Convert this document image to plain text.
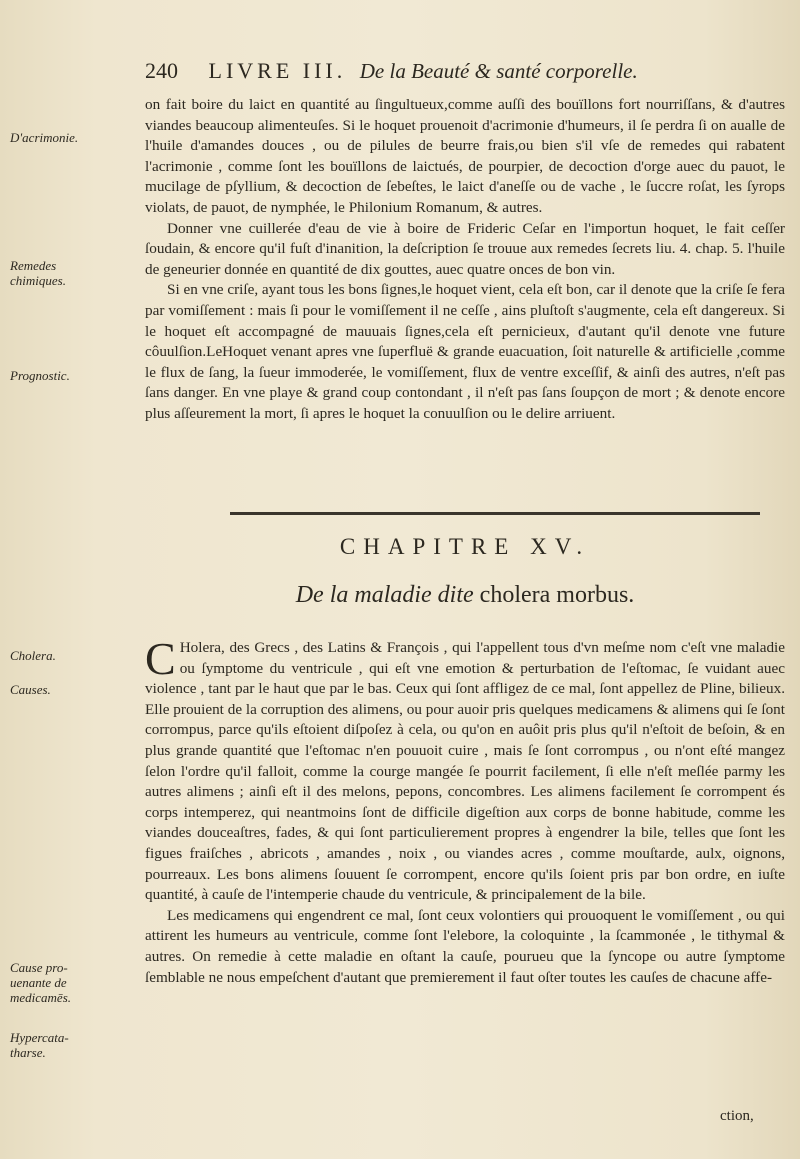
240 LIVRE III. De la Beauté & santé corporelle.
D'acrimonie.
Remedes
chimiques.
Prognostic.
Cholera.
Causes.
Cause pro-
uenante de
medicamēs.
Hypercata-
tharse.

on fait boire du laict en quantité au ſingultueux,comme auſſi des bouïllons fort nourriſſans, & d'autres viandes beaucoup alimenteuſes. Si le hoquet prouenoit d'acrimonie d'humeurs, il ſe perdra ſi on aualle de l'huile d'amandes douces , ou de pilules de beurre frais,ou bien s'il vſe de remedes qui rabatent l'acrimonie , comme ſont les bouïllons de laictués, de pourpier, de decoction d'orge auec du pauot, le mucilage de pſyllium, & decoction de ſebeſtes, le laict d'aneſſe ou de vache , le ſuccre roſat, les ſyrops violats, de pauot, de nymphée, le Philonium Romanum, & autres.

Donner vne cuillerée d'eau de vie à boire de Frideric Ceſar en l'importun hoquet, le fait ceſſer ſoudain, & encore qu'il fuſt d'inanition, la deſcription ſe trouue aux remedes ſecrets liu. 4. chap. 5. l'huile de geneurier donnée en quantité de dix gouttes, auec quatre onces de bon vin.

Si en vne criſe, ayant tous les bons ſignes,le hoquet vient, cela eſt bon, car il denote que la criſe ſe fera par vomiſſement : mais ſi pour le vomiſſement il ne ceſſe , ains pluſtoſt s'augmente, cela eſt dangereux. Si le hoquet eſt accompagné de mauuais ſignes,cela eſt pernicieux, d'autant qu'il denote vne future côuulſion.LeHoquet venant apres vne ſuperfluë & grande euacuation, ſoit naturelle & artificielle ,comme le flux de ſang, la ſueur immoderée, le vomiſſement, flux de ventre exceſſif, & ainſi des autres, n'eſt pas ſans danger. En vne playe & grand coup contondant , il n'eſt pas ſans ſoupçon de mort ; & denote encore plus aſſeurement la mort, ſi apres le hoquet la conuulſion ou le delire arriuent.

CHAPITRE XV.
De la maladie dite cholera morbus.

C Holera, des Grecs , des Latins & François , qui l'appellent tous d'vn meſme nom c'eſt vne maladie ou ſymptome du ventricule , qui eſt vne emotion & perturbation de l'eſtomac, ſe vuidant auec violence , tant par le haut que par le bas. Ceux qui ſont affligez de ce mal, ſont appellez de Pline, bilieux. Elle prouient de la corruption des alimens, ou pour auoir pris quelques medicamens & alimens qui ſe ſont corrompus, parce qu'ils eſtoient diſpoſez à cela, ou qu'on en auôit pris plus qu'il n'eſtoit de beſoin, & en plus grande quantité que l'eſtomac n'en pouuoit cuire , mais ſe ſont corrompus , ou n'ont eſté mangez ſelon l'ordre qu'il falloit, comme la courge mangée ſe pourrit facilement, ſi elle n'eſt meſlée parmy les autres alimens ; ainſi eſt il des melons, pepons, concombres. Les alimens facilement ſe corrompent és corps intemperez, qui neantmoins ſont de difficile digeſtion aux corps de bonne habitude, comme les viandes douceaſtres, fades, & qui ſont particulierement propres à engendrer la bile, telles que ſont les figues fraiſches , abricots , amandes , noix , ou viandes acres , comme mouſtarde, aulx, oignons, pourreaux. Les bons alimens ſouuent ſe corrompent, encore qu'ils ſoient pris par bon ordre, en iuſte quantité, à cauſe de l'intemperie chaude du ventricule, & principalement de la bile.

Les medicamens qui engendrent ce mal, ſont ceux volontiers qui prouoquent le vomiſſement , ou qui attirent les humeurs au ventricule, comme ſont l'elebore, la coloquinte , la ſcammonée , le tithymal & autres. On remedie à cette maladie en oſtant la cauſe, pourueu que la ſyncope ou autre ſymptome ſemblable ne nous empeſchent d'autant que premierement il faut oſter toutes les cauſes de chacune affe-

ction,
